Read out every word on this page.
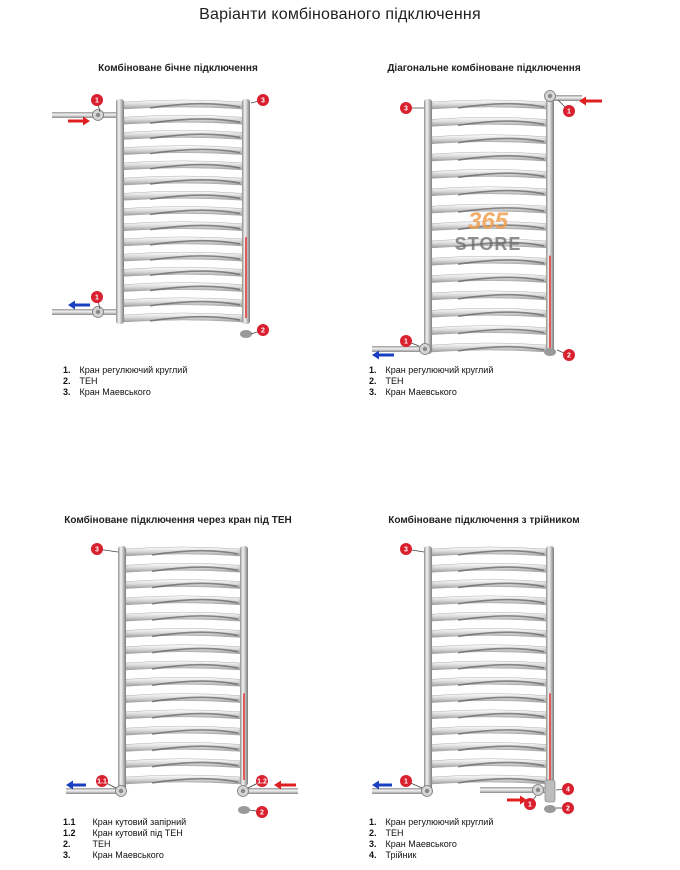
Варіанти комбінованого підключення
Комбіноване бічне підключення
1	3
1
2
1. Кран регулюючий круглий
2. ТЕН
3. Кран Маевського
Діагональне комбіноване підключення
3	1
1
2
1. Кран регулюючий круглий
2. ТЕН
3. Кран Маевського
Комбіноване підключення через кран під ТЕН
3
1.1	1.2
2
1.1 Кран кутовий запірний
1.2 Кран кутовий під ТЕН
2. ТЕН
3. Кран Маевського
Комбіноване підключення з трійником
3
1
1
4
2
1. Кран регулюючий круглий
2. ТЕН
3. Кран Маевського
4. Трійник
365
STORE
